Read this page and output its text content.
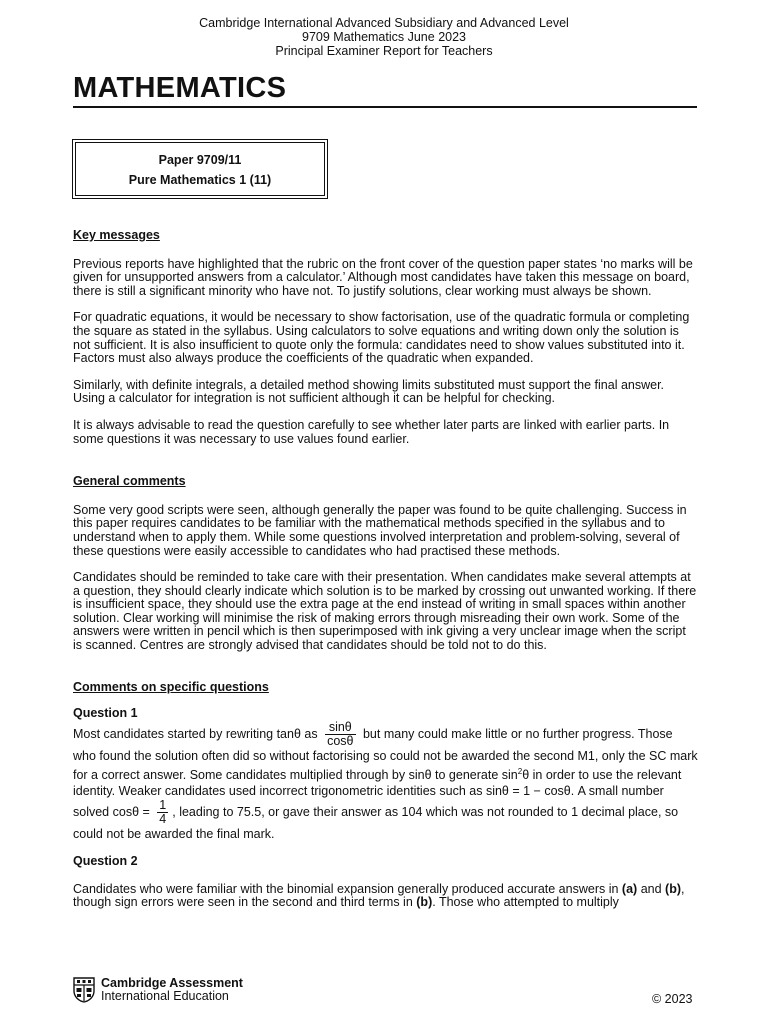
Cambridge International Advanced Subsidiary and Advanced Level
9709 Mathematics June 2023
Principal Examiner Report for Teachers
MATHEMATICS
Paper 9709/11
Pure Mathematics 1 (11)

Key messages

Previous reports have highlighted that the rubric on the front cover of the question paper states ‘no marks will be given for unsupported answers from a calculator.’ Although most candidates have taken this message on board, there is still a significant minority who have not. To justify solutions, clear working must always be shown.

For quadratic equations, it would be necessary to show factorisation, use of the quadratic formula or completing the square as stated in the syllabus. Using calculators to solve equations and writing down only the solution is not sufficient. It is also insufficient to quote only the formula: candidates need to show values substituted into it. Factors must also always produce the coefficients of the quadratic when expanded.

Similarly, with definite integrals, a detailed method showing limits substituted must support the final answer. Using a calculator for integration is not sufficient although it can be helpful for checking.

It is always advisable to read the question carefully to see whether later parts are linked with earlier parts. In some questions it was necessary to use values found earlier.

General comments

Some very good scripts were seen, although generally the paper was found to be quite challenging. Success in this paper requires candidates to be familiar with the mathematical methods specified in the syllabus and to understand when to apply them. While some questions involved interpretation and problem-solving, several of these questions were easily accessible to candidates who had practised these methods.

Candidates should be reminded to take care with their presentation. When candidates make several attempts at a question, they should clearly indicate which solution is to be marked by crossing out unwanted working. If there is insufficient space, they should use the extra page at the end instead of writing in small spaces within another solution. Clear working will minimise the risk of making errors through misreading their own work. Some of the answers were written in pencil which is then superimposed with ink giving a very unclear image when the script is scanned. Centres are strongly advised that candidates should be told not to do this.

Comments on specific questions

Question 1

Most candidates started by rewriting tanθ as $\frac{\sin\theta}{\cos\theta}$ but many could make little or no further progress. Those who found the solution often did so without factorising so could not be awarded the second M1, only the SC mark for a correct answer. Some candidates multiplied through by sinθ to generate $\sin^2\theta$ in order to use the relevant identity. Weaker candidates used incorrect trigonometric identities such as sinθ = 1 − cosθ. A small number solved $\cos\theta = \frac{1}{4}$ , leading to 75.5, or gave their answer as 104 which was not rounded to 1 decimal place, so could not be awarded the final mark.

Question 2

Candidates who were familiar with the binomial expansion generally produced accurate answers in (a) and (b), though sign errors were seen in the second and third terms in (b). Those who attempted to multiply

Cambridge Assessment
International Education	© 2023
